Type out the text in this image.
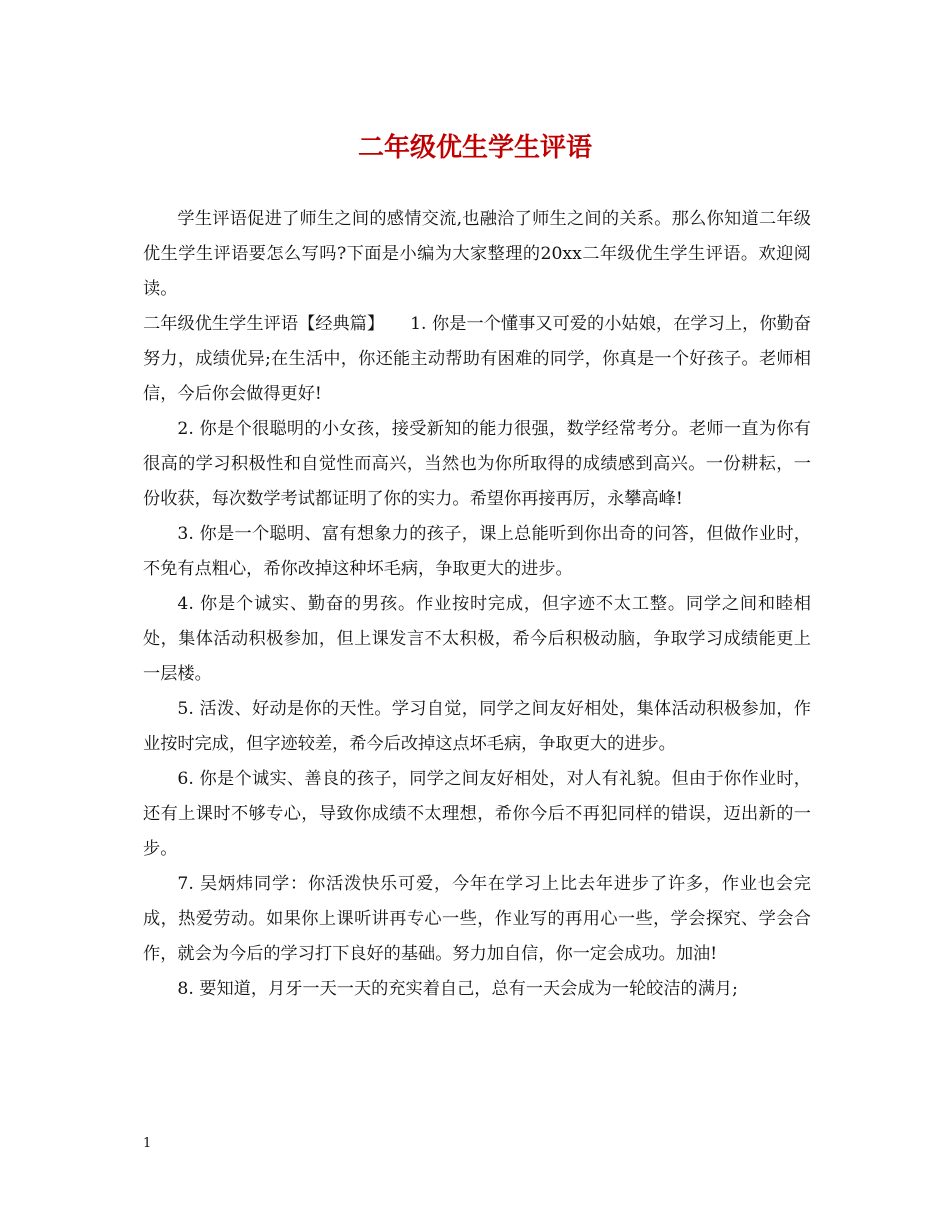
二年级优生学生评语

学生评语促进了师生之间的感情交流,也融洽了师生之间的关系。那么你知道二年级优生学生评语要怎么写吗?下面是小编为大家整理的20xx二年级优生学生评语。欢迎阅读。

二年级优生学生评语【经典篇】　　1. 你是一个懂事又可爱的小姑娘，在学习上，你勤奋努力，成绩优异;在生活中，你还能主动帮助有困难的同学，你真是一个好孩子。老师相信，今后你会做得更好!

2. 你是个很聪明的小女孩，接受新知的能力很强，数学经常考分。老师一直为你有很高的学习积极性和自觉性而高兴，当然也为你所取得的成绩感到高兴。一份耕耘，一份收获，每次数学考试都证明了你的实力。希望你再接再厉，永攀高峰!

3. 你是一个聪明、富有想象力的孩子，课上总能听到你出奇的问答，但做作业时，不免有点粗心，希你改掉这种坏毛病，争取更大的进步。

4. 你是个诚实、勤奋的男孩。作业按时完成，但字迹不太工整。同学之间和睦相处，集体活动积极参加，但上课发言不太积极，希今后积极动脑，争取学习成绩能更上一层楼。

5. 活泼、好动是你的天性。学习自觉，同学之间友好相处，集体活动积极参加，作业按时完成，但字迹较差，希今后改掉这点坏毛病，争取更大的进步。

6. 你是个诚实、善良的孩子，同学之间友好相处，对人有礼貌。但由于你作业时，还有上课时不够专心，导致你成绩不太理想，希你今后不再犯同样的错误，迈出新的一步。

7. 吴炳炜同学：你活泼快乐可爱，今年在学习上比去年进步了许多，作业也会完成，热爱劳动。如果你上课听讲再专心一些，作业写的再用心一些，学会探究、学会合作，就会为今后的学习打下良好的基础。努力加自信，你一定会成功。加油!

8. 要知道，月牙一天一天的充实着自己，总有一天会成为一轮皎洁的满月;

1
